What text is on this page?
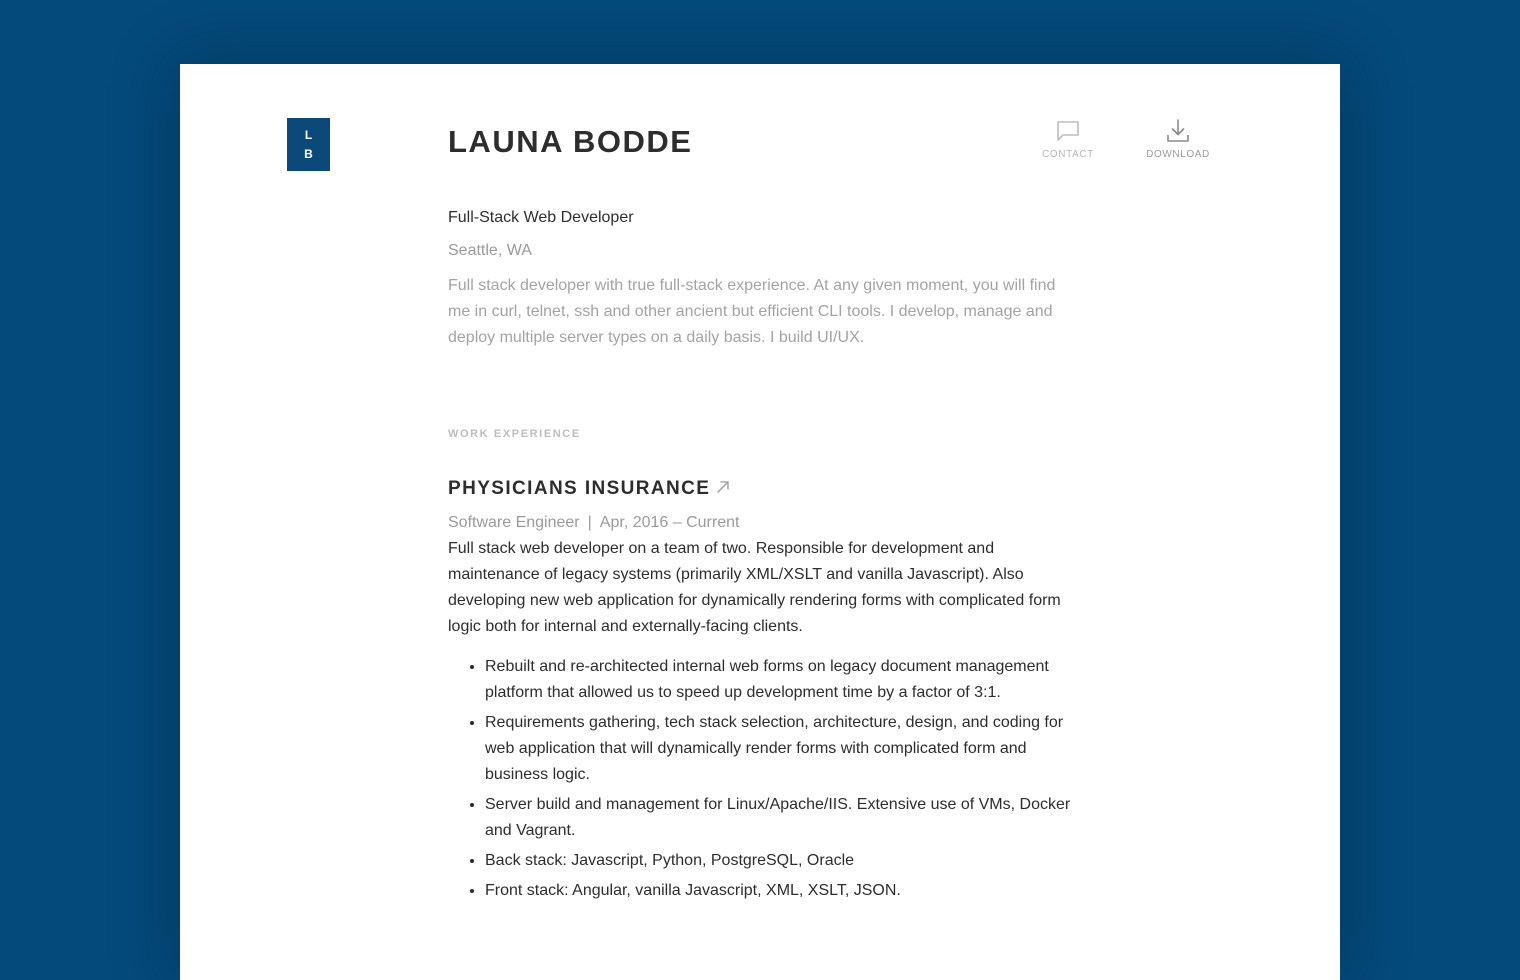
L
B	LAUNA BODDE	CONTACT	DOWNLOAD

Full-Stack Web Developer

Seattle, WA

Full stack developer with true full-stack experience. At any given moment, you will find me in curl, telnet, ssh and other ancient but efficient CLI tools. I develop, manage and deploy multiple server types on a daily basis. I build UI/UX.

WORK EXPERIENCE
PHYSICIANS INSURANCE
Software Engineer | Apr, 2016 – Current

Full stack web developer on a team of two. Responsible for development and maintenance of legacy systems (primarily XML/XSLT and vanilla Javascript). Also developing new web application for dynamically rendering forms with complicated form logic both for internal and externally-facing clients.

• Rebuilt and re-architected internal web forms on legacy document management platform that allowed us to speed up development time by a factor of 3:1.
• Requirements gathering, tech stack selection, architecture, design, and coding for web application that will dynamically render forms with complicated form and business logic.
• Server build and management for Linux/Apache/IIS. Extensive use of VMs, Docker and Vagrant.
• Back stack: Javascript, Python, PostgreSQL, Oracle
• Front stack: Angular, vanilla Javascript, XML, XSLT, JSON.
